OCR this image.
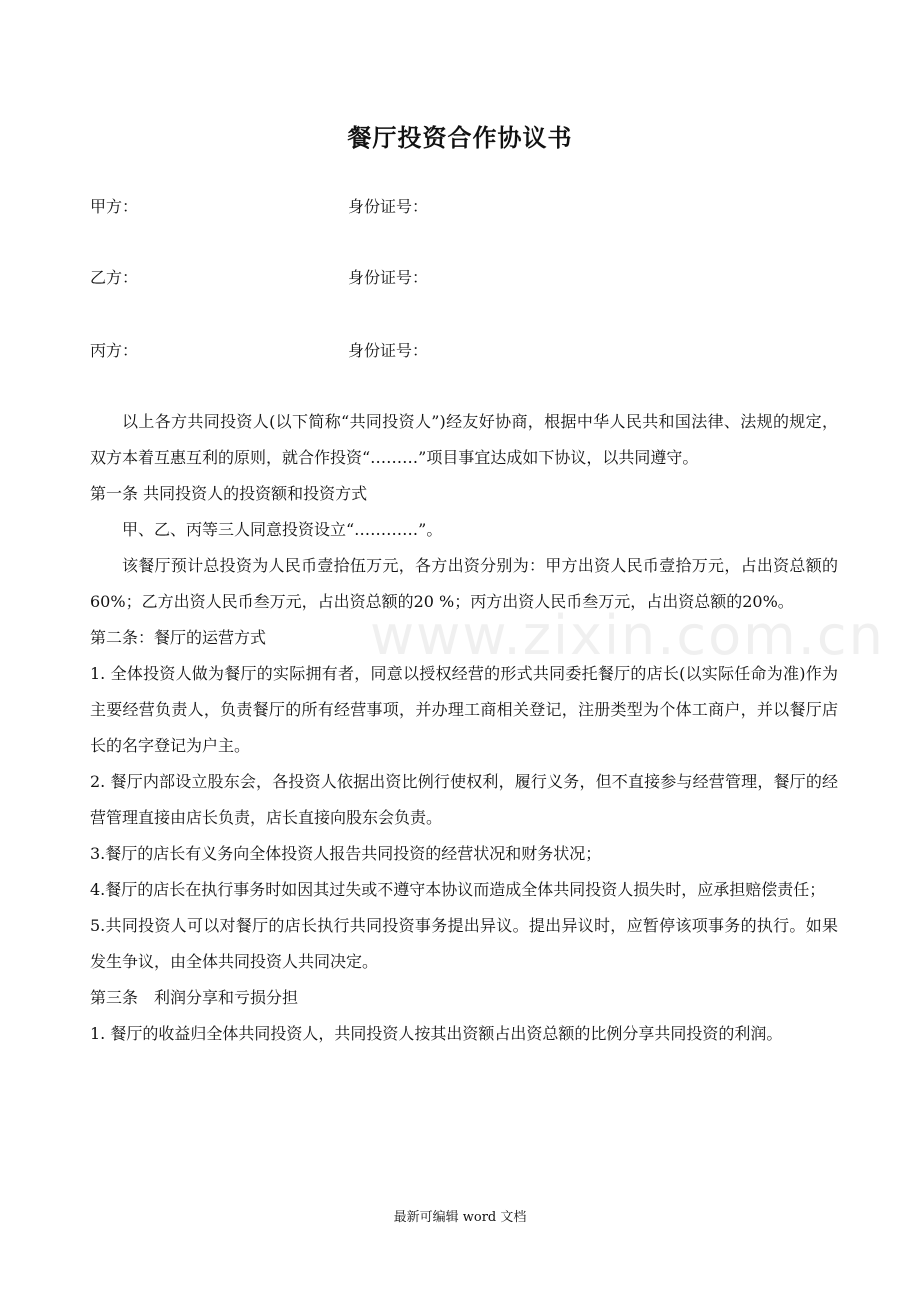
餐厅投资合作协议书
甲方：	身份证号：
乙方：	身份证号：
丙方：	身份证号：

以上各方共同投资人(以下简称“共同投资人”)经友好协商，根据中华人民共和国法律、法规的规定，双方本着互惠互利的原则，就合作投资“………”项目事宜达成如下协议，以共同遵守。

第一条 共同投资人的投资额和投资方式

甲、乙、丙等三人同意投资设立“…………”。

该餐厅预计总投资为人民币壹拾伍万元，各方出资分别为：甲方出资人民币壹拾万元，占出资总额的60%；乙方出资人民币叁万元，占出资总额的20 %；丙方出资人民币叁万元，占出资总额的20%。

第二条：餐厅的运营方式

1. 全体投资人做为餐厅的实际拥有者，同意以授权经营的形式共同委托餐厅的店长(以实际任命为准)作为主要经营负责人，负责餐厅的所有经营事项，并办理工商相关登记，注册类型为个体工商户，并以餐厅店长的名字登记为户主。

2. 餐厅内部设立股东会，各投资人依据出资比例行使权利，履行义务，但不直接参与经营管理，餐厅的经营管理直接由店长负责，店长直接向股东会负责。

3.餐厅的店长有义务向全体投资人报告共同投资的经营状况和财务状况；

4.餐厅的店长在执行事务时如因其过失或不遵守本协议而造成全体共同投资人损失时，应承担赔偿责任；

5.共同投资人可以对餐厅的店长执行共同投资事务提出异议。提出异议时，应暂停该项事务的执行。如果发生争议，由全体共同投资人共同决定。

第三条　利润分享和亏损分担

1. 餐厅的收益归全体共同投资人，共同投资人按其出资额占出资总额的比例分享共同投资的利润。

www.zixin.com.cn
最新可编辑 word 文档
